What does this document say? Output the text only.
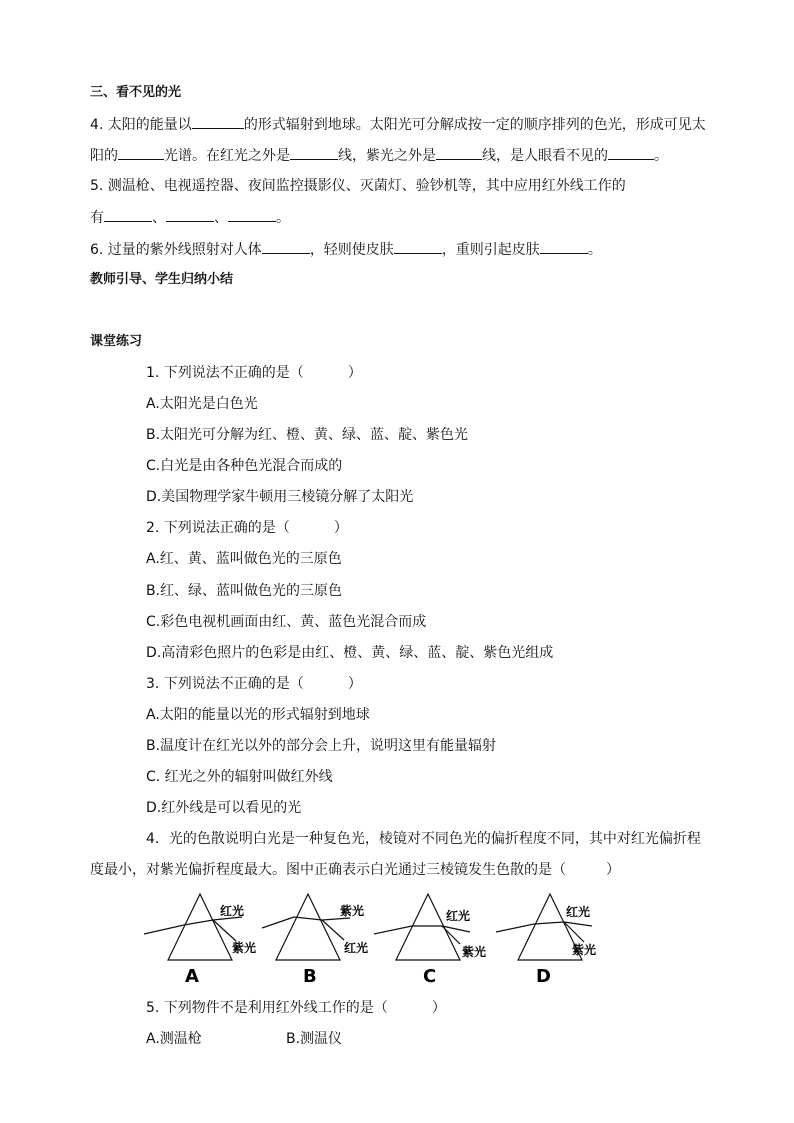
三、看不见的光
4. 太阳的能量以	的形式辐射到地球。太阳光可分解成按一定的顺序排列的色光，形成可见太
阳的	光谱。在红光之外是	线，紫光之外是	线，是人眼看不见的	。
5. 测温枪、电视遥控器、夜间监控摄影仪、灭菌灯、验钞机等，其中应用红外线工作的
有	、	、	。
6. 过量的紫外线照射对人体	，轻则使皮肤	，重则引起皮肤	。
教师引导、学生归纳小结
课堂练习
1. 下列说法不正确的是（	）
A.太阳光是白色光
B.太阳光可分解为红、橙、黄、绿、蓝、靛、紫色光
C.白光是由各种色光混合而成的
D.美国物理学家牛顿用三棱镜分解了太阳光
2. 下列说法正确的是（	）
A.红、黄、蓝叫做色光的三原色
B.红、绿、蓝叫做色光的三原色
C.彩色电视机画面由红、黄、蓝色光混合而成
D.高清彩色照片的色彩是由红、橙、黄、绿、蓝、靛、紫色光组成
3. 下列说法不正确的是（	）
A.太阳的能量以光的形式辐射到地球
B.温度计在红光以外的部分会上升，说明这里有能量辐射
C. 红光之外的辐射叫做红外线
D.红外线是可以看见的光
4．光的色散说明白光是一种复色光，棱镜对不同色光的偏折程度不同，其中对红光偏折程
度最小，对紫光偏折程度最大。图中正确表示白光通过三棱镜发生色散的是（	）
红光
紫光
A
紫光
红光
B
红光
紫光
C
红光
紫光
D
5. 下列物件不是利用红外线工作的是（	）
A.测温枪	B.测温仪
